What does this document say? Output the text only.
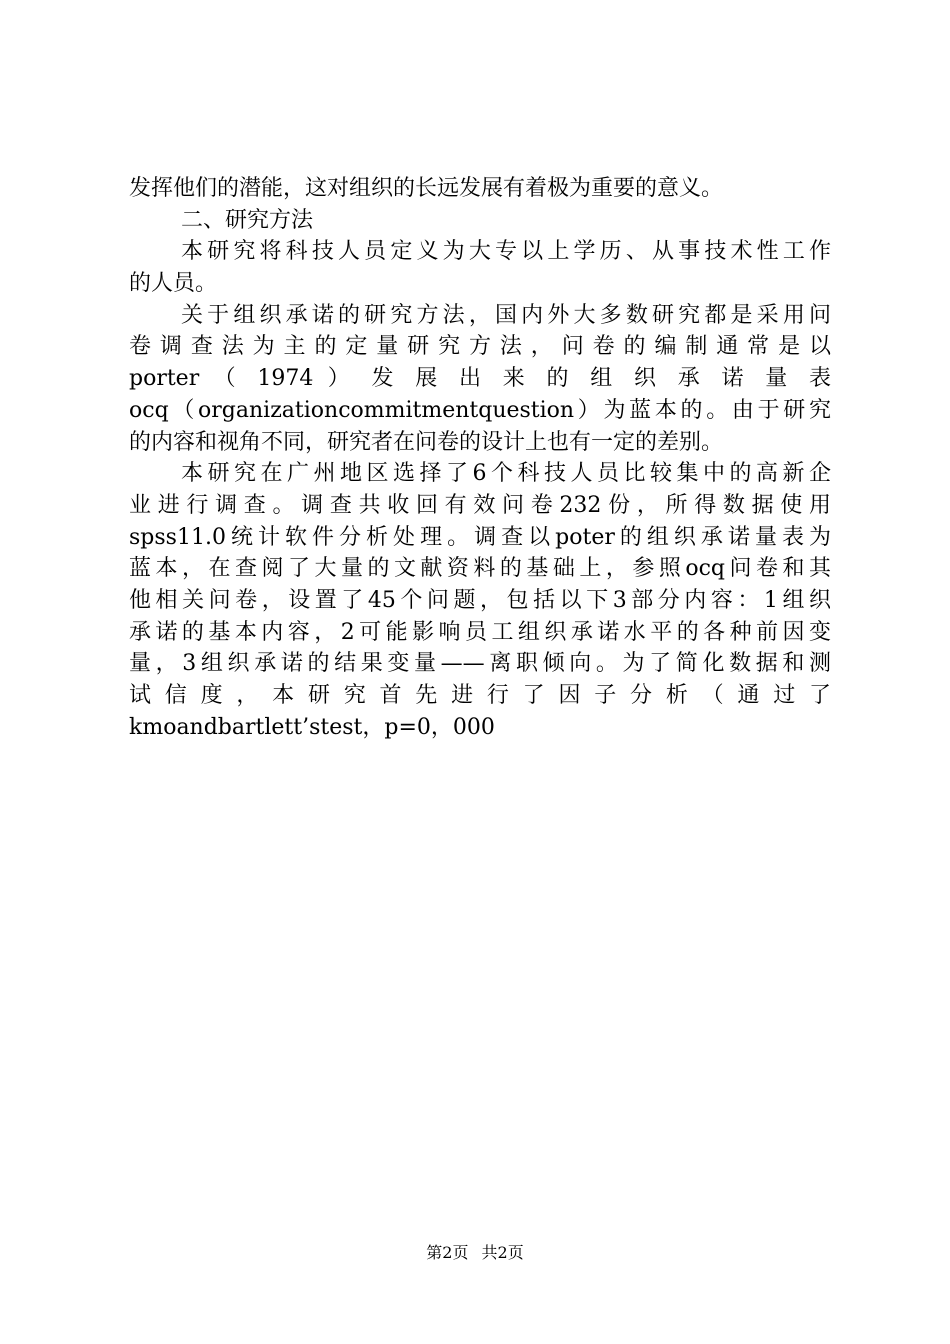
发挥他们的潜能，这对组织的长远发展有着极为重要的意义。
二、研究方法
本研究将科技人员定义为大专以上学历、从事技术性工作
的人员。
关于组织承诺的研究方法，国内外大多数研究都是采用问
卷调查法为主的定量研究方法，问卷的编制通常是以
porter （ 1974 ） 发 展 出 来 的 组 织 承 诺 量 表
ocq（organizationcommitmentquestion）为蓝本的。由于研究
的内容和视角不同，研究者在问卷的设计上也有一定的差别。
本研究在广州地区选择了6个科技人员比较集中的高新企
业进行调查。调查共收回有效问卷232份，所得数据使用
spss11.0统计软件分析处理。调查以poter的组织承诺量表为
蓝本，在查阅了大量的文献资料的基础上，参照ocq问卷和其
他相关问卷，设置了45个问题，包括以下3部分内容：1组织
承诺的基本内容，2可能影响员工组织承诺水平的各种前因变
量，3组织承诺的结果变量——离职倾向。为了简化数据和测
试信度，本研究首先进行了因子分析（通过了
kmoandbartlett’stest，p=0，000
第2页 共2页
